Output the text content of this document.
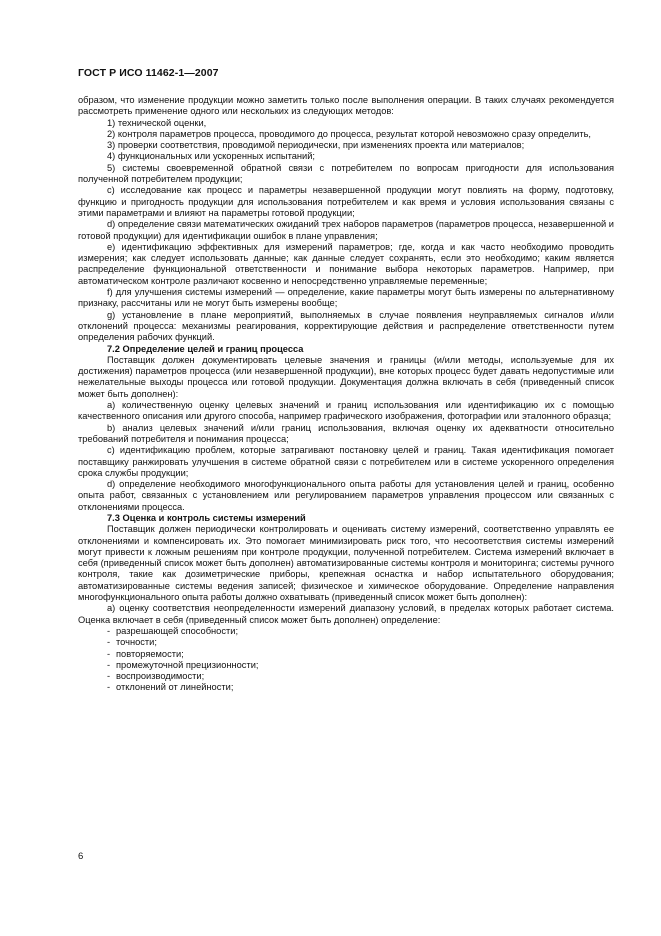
ГОСТ Р ИСО 11462-1—2007

образом, что изменение продукции можно заметить только после выполнения операции. В таких случаях рекомендуется рассмотреть применение одного или нескольких из следующих методов:

1) технической оценки,

2) контроля параметров процесса, проводимого до процесса, результат которой невозможно сразу определить,

3) проверки соответствия, проводимой периодически, при изменениях проекта или материалов;

4) функциональных или ускоренных испытаний;

5) системы своевременной обратной связи с потребителем по вопросам пригодности для использования полученной потребителем продукции;

c) исследование как процесс и параметры незавершенной продукции могут повлиять на форму, подготовку, функцию и пригодность продукции для использования потребителем и как время и условия использования связаны с этими параметрами и влияют на параметры готовой продукции;

d) определение связи математических ожиданий трех наборов параметров (параметров процесса, незавершенной и готовой продукции) для идентификации ошибок в плане управления;

e) идентификацию эффективных для измерений параметров; где, когда и как часто необходимо проводить измерения; как следует использовать данные; как данные следует сохранять, если это необходимо; каким является распределение функциональной ответственности и понимание выбора некоторых параметров. Например, при автоматическом контроле различают косвенно и непосредственно управляемые переменные;

f) для улучшения системы измерений — определение, какие параметры могут быть измерены по альтернативному признаку, рассчитаны или не могут быть измерены вообще;

g) установление в плане мероприятий, выполняемых в случае появления неуправляемых сигналов и/или отклонений процесса: механизмы реагирования, корректирующие действия и распределение ответственности путем определения рабочих функций.

7.2 Определение целей и границ процесса

Поставщик должен документировать целевые значения и границы (и/или методы, используемые для их достижения) параметров процесса (или незавершенной продукции), вне которых процесс будет давать недопустимые или нежелательные выходы процесса или готовой продукции. Документация должна включать в себя (приведенный список может быть дополнен):

a) количественную оценку целевых значений и границ использования или идентификацию их с помощью качественного описания или другого способа, например графического изображения, фотографии или эталонного образца;

b) анализ целевых значений и/или границ использования, включая оценку их адекватности относительно требований потребителя и понимания процесса;

c) идентификацию проблем, которые затрагивают постановку целей и границ. Такая идентификация помогает поставщику ранжировать улучшения в системе обратной связи с потребителем или в системе ускоренного определения срока службы продукции;

d) определение необходимого многофункционального опыта работы для установления целей и границ, особенно опыта работ, связанных с установлением или регулированием параметров управления процессом или связанных с отклонениями процесса.

7.3 Оценка и контроль системы измерений

Поставщик должен периодически контролировать и оценивать систему измерений, соответственно управлять ее отклонениями и компенсировать их. Это помогает минимизировать риск того, что несоответствия системы измерений могут привести к ложным решениям при контроле продукции, полученной потребителем. Система измерений включает в себя (приведенный список может быть дополнен) автоматизированные системы контроля и мониторинга; системы ручного контроля, такие как дозиметрические приборы, крепежная оснастка и набор испытательного оборудования; автоматизированные системы ведения записей; физическое и химическое оборудование. Определение направления многофункционального опыта работы должно охватывать (приведенный список может быть дополнен):

a) оценку соответствия неопределенности измерений диапазону условий, в пределах которых работает система. Оценка включает в себя (приведенный список может быть дополнен) определение:

- разрешающей способности;

- точности;

- повторяемости;

- промежуточной прецизионности;

- воспроизводимости;

- отклонений от линейности;

6
